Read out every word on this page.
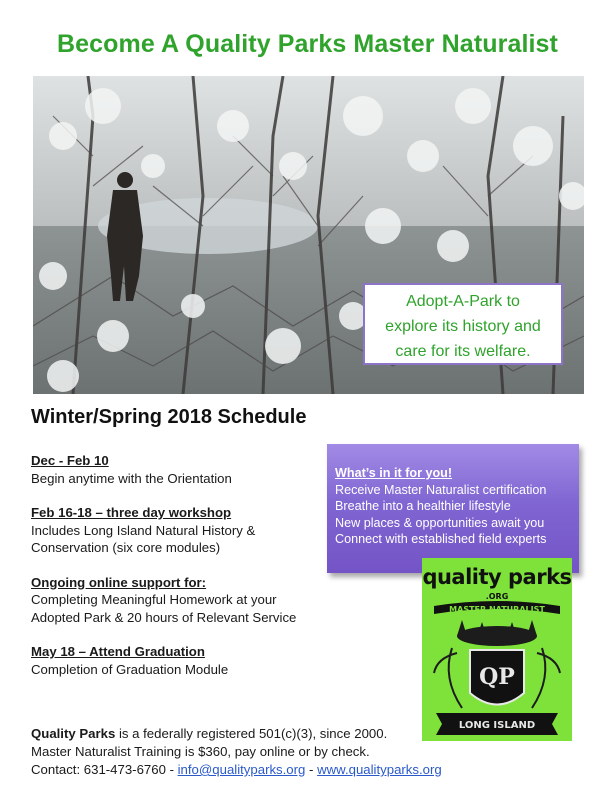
Become A Quality Parks Master Naturalist
Adopt-A-Park to
explore its history and
care for its welfare.
Winter/Spring 2018 Schedule
Dec - Feb 10
Begin anytime with the Orientation
Feb 16-18 – three day workshop
Includes Long Island Natural History &
Conservation (six core modules)
Ongoing online support for:
Completing Meaningful Homework at your
Adopted Park & 20 hours of Relevant Service
May 18 – Attend Graduation
Completion of Graduation Module
What’s in it for you!
Receive Master Naturalist certification
Breathe into a healthier lifestyle
New places & opportunities await you
Connect with established field experts
quality parks
.ORG
MASTER NATURALIST
QP
LONG ISLAND
Quality Parks is a federally registered 501(c)(3), since 2000.
Master Naturalist Training is $360, pay online or by check.
Contact: 631-473-6760 - info@qualityparks.org - www.qualityparks.org
